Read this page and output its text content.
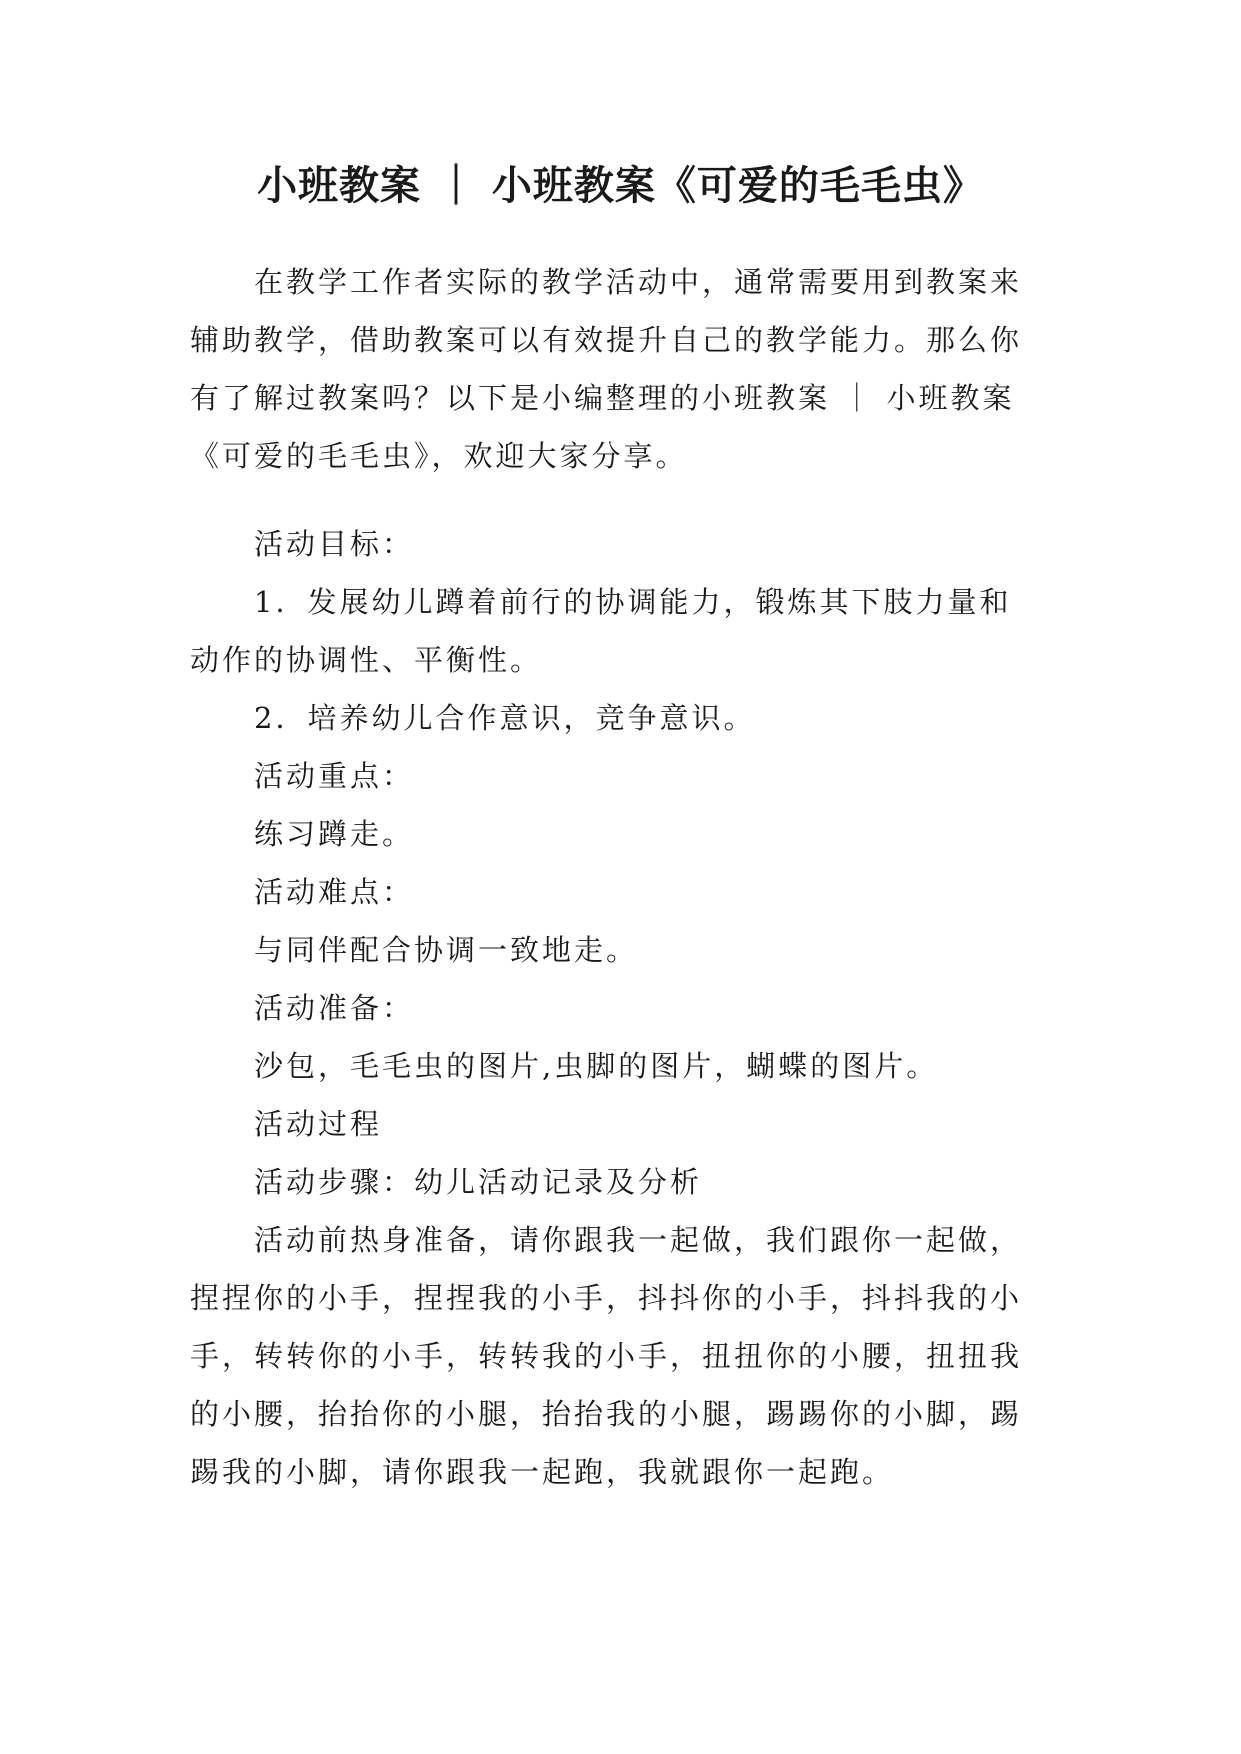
小班教案 ｜ 小班教案《可爱的毛毛虫》

在教学工作者实际的教学活动中，通常需要用到教案来

辅助教学，借助教案可以有效提升自己的教学能力。那么你

有了解过教案吗？以下是小编整理的小班教案 ｜ 小班教案

《可爱的毛毛虫》，欢迎大家分享。

活动目标：

1．发展幼儿蹲着前行的协调能力，锻炼其下肢力量和

动作的协调性、平衡性。

2．培养幼儿合作意识，竞争意识。

活动重点：

练习蹲走。

活动难点：

与同伴配合协调一致地走。

活动准备：

沙包，毛毛虫的图片,虫脚的图片，蝴蝶的图片。

活动过程

活动步骤：幼儿活动记录及分析

活动前热身准备，请你跟我一起做，我们跟你一起做，

捏捏你的小手，捏捏我的小手，抖抖你的小手，抖抖我的小

手，转转你的小手，转转我的小手，扭扭你的小腰，扭扭我

的小腰，抬抬你的小腿，抬抬我的小腿，踢踢你的小脚，踢

踢我的小脚，请你跟我一起跑，我就跟你一起跑。
